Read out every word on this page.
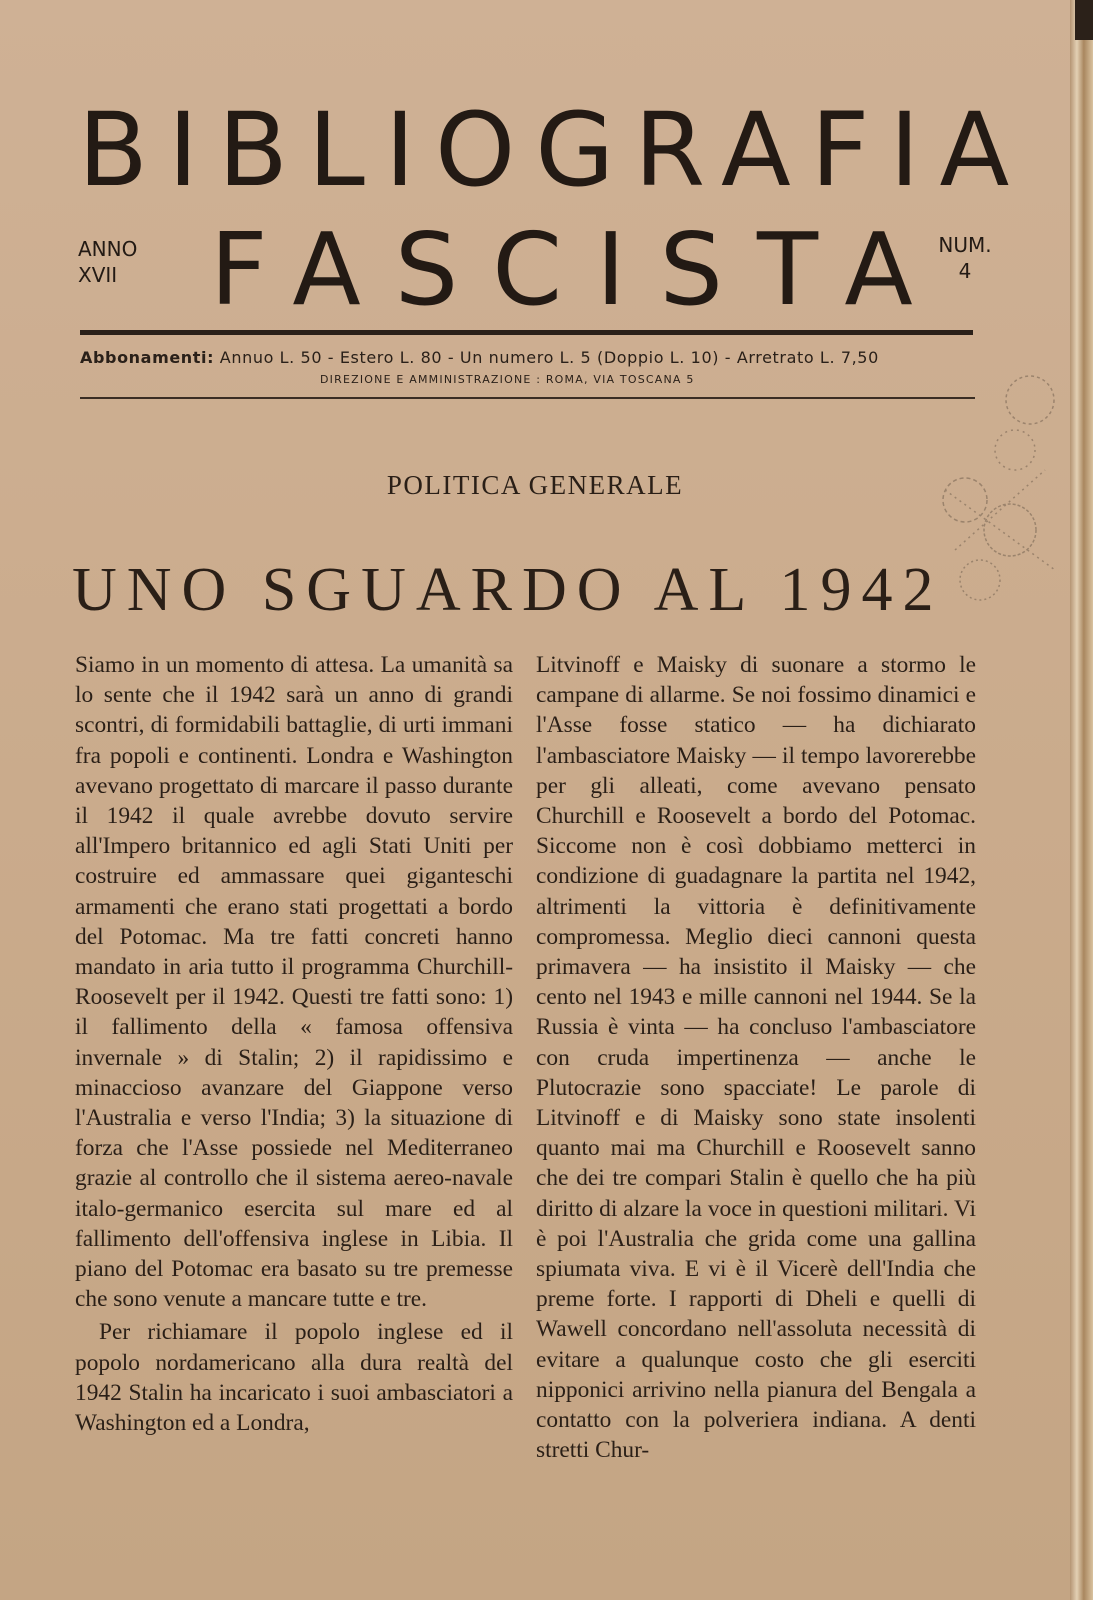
BIBLIOGRAFIA
ANNO
XVII FASCISTA
NUM.
4
Abbonamenti: Annuo L. 50 - Estero L. 80 - Un numero L. 5 (Doppio L. 10) - Arretrato L. 7,50
DIREZIONE E AMMINISTRAZIONE : ROMA, VIA TOSCANA 5
POLITICA GENERALE
UNO SGUARDO AL 1942

Siamo in un momento di attesa. La umanità sa lo sente che il 1942 sarà un anno di grandi scontri, di formidabili battaglie, di urti immani fra popoli e continenti. Londra e Washington avevano progettato di marcare il passo durante il 1942 il quale avrebbe dovuto servire all'Impero britannico ed agli Stati Uniti per costruire ed ammassare quei giganteschi armamenti che erano stati progettati a bordo del Potomac. Ma tre fatti concreti hanno mandato in aria tutto il programma Churchill-Roosevelt per il 1942. Questi tre fatti sono: 1) il fallimento della « famosa offensiva invernale » di Stalin; 2) il rapidissimo e minaccioso avanzare del Giappone verso l'Australia e verso l'India; 3) la situazione di forza che l'Asse possiede nel Mediterraneo grazie al controllo che il sistema aereo-navale italo-germanico esercita sul mare ed al fallimento dell'offensiva inglese in Libia. Il piano del Potomac era basato su tre premesse che sono venute a mancare tutte e tre.

Per richiamare il popolo inglese ed il popolo nordamericano alla dura realtà del 1942 Stalin ha incaricato i suoi ambasciatori a Washington ed a Londra,

Litvinoff e Maisky di suonare a stormo le campane di allarme. Se noi fossimo dinamici e l'Asse fosse statico — ha dichiarato l'ambasciatore Maisky — il tempo lavorerebbe per gli alleati, come avevano pensato Churchill e Roosevelt a bordo del Potomac. Siccome non è così dobbiamo metterci in condizione di guadagnare la partita nel 1942, altrimenti la vittoria è definitivamente compromessa. Meglio dieci cannoni questa primavera — ha insistito il Maisky — che cento nel 1943 e mille cannoni nel 1944. Se la Russia è vinta — ha concluso l'ambasciatore con cruda impertinenza — anche le Plutocrazie sono spacciate! Le parole di Litvinoff e di Maisky sono state insolenti quanto mai ma Churchill e Roosevelt sanno che dei tre compari Stalin è quello che ha più diritto di alzare la voce in questioni militari. Vi è poi l'Australia che grida come una gallina spiumata viva. E vi è il Vicerè dell'India che preme forte. I rapporti di Dheli e quelli di Wawell concordano nell'assoluta necessità di evitare a qualunque costo che gli eserciti nipponici arrivino nella pianura del Bengala a contatto con la polveriera indiana. A denti stretti Chur-
